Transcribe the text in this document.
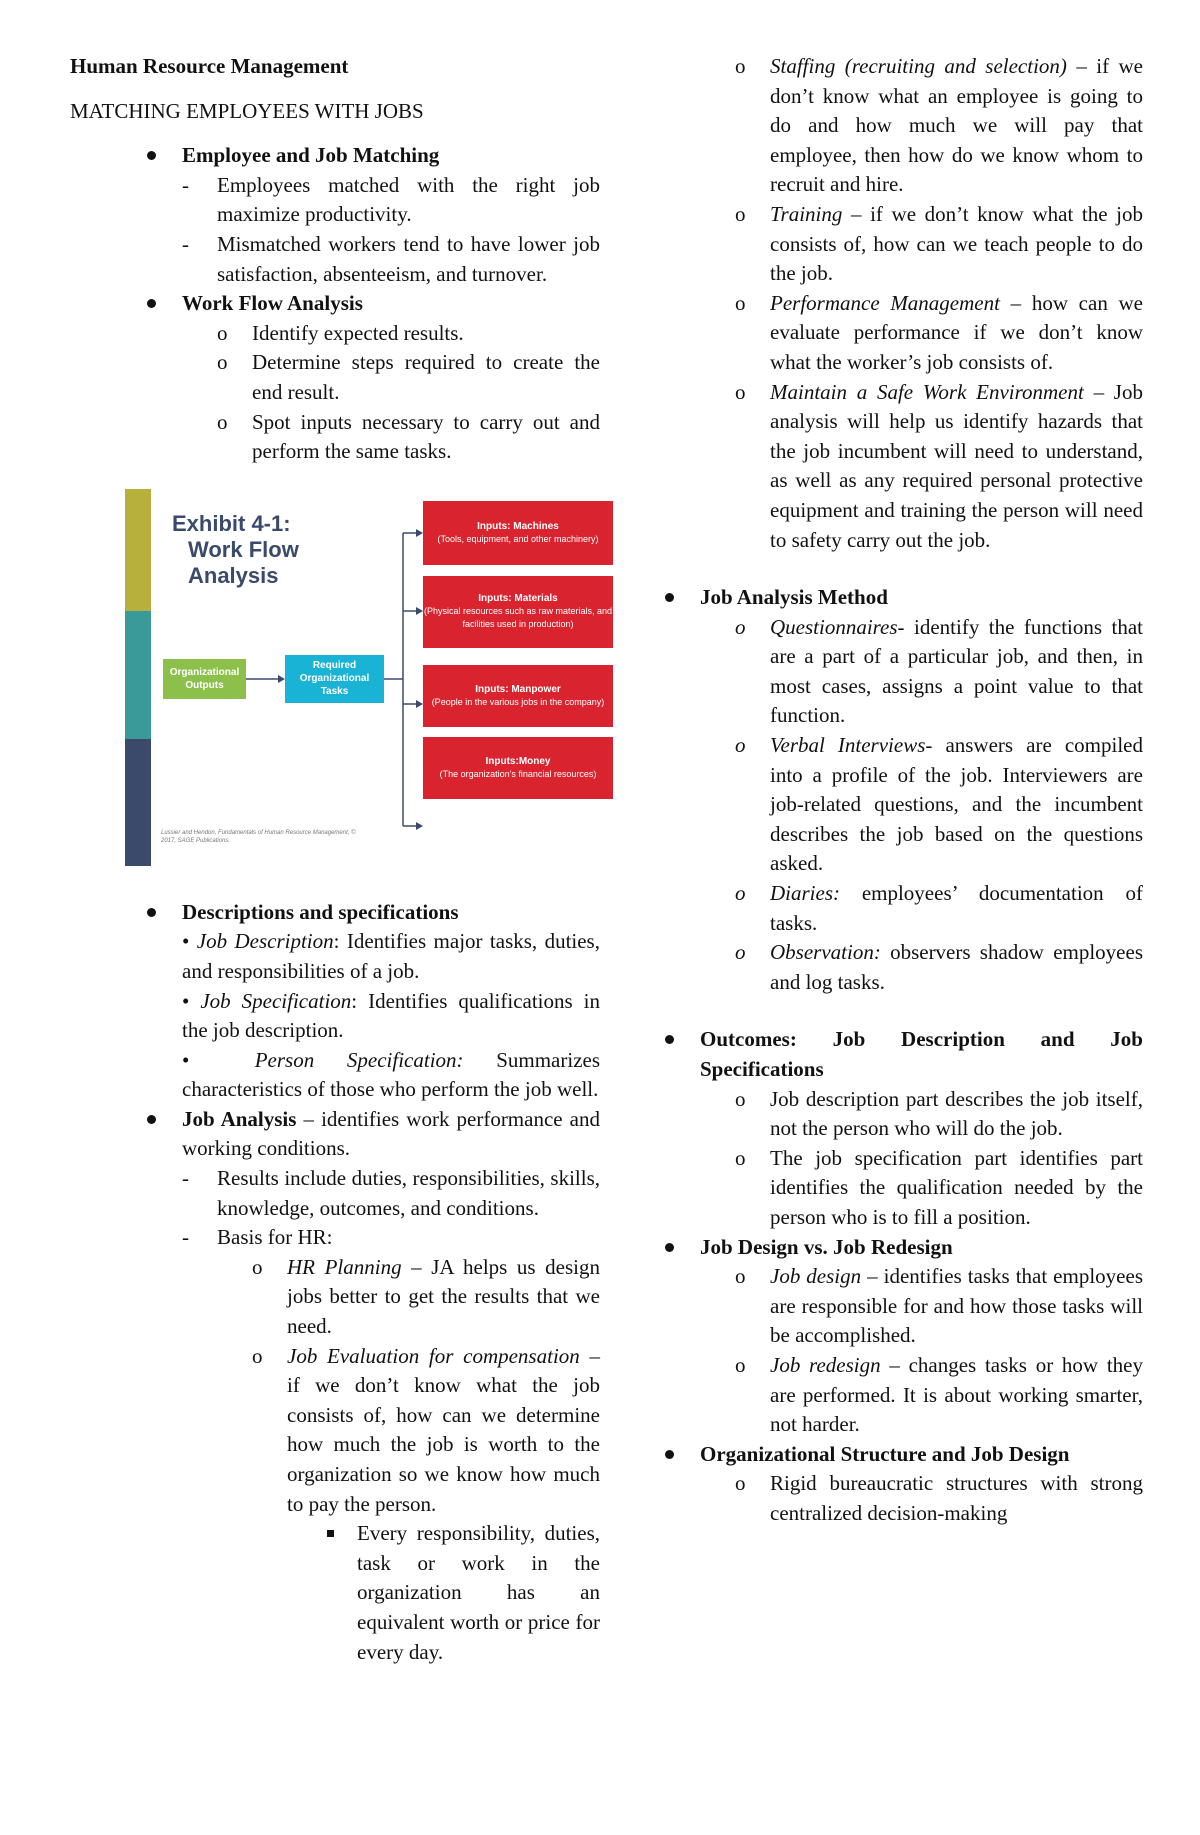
Human Resource Management

MATCHING EMPLOYEES WITH JOBS

Employee and Job Matching

- Employees matched with the right job maximize productivity.

- Mismatched workers tend to have lower job satisfaction, absenteeism, and turnover.

Work Flow Analysis

o Identify expected results.

o Determine steps required to create the end result.

o Spot inputs necessary to carry out and perform the same tasks.

Exhibit 4-1:
Work Flow
Analysis
Organizational Outputs
Required Organizational Tasks
Inputs: Machines
(Tools, equipment, and other machinery)
Inputs: Materials
(Physical resources such as raw materials, and facilities used in production)
Inputs: Manpower
(People in the various jobs in the company)
Inputs:Money
(The organization's financial resources)
Lussier and Hendon, Fundamentals of Human Resource Management, © 2017, SAGE Publications.

Descriptions and specifications

• Job Description: Identifies major tasks, duties, and responsibilities of a job.

• Job Specification: Identifies qualifications in the job description.

•  Person Specification: Summarizes characteristics of those who perform the job well.

Job Analysis – identifies work performance and working conditions.

- Results include duties, responsibilities, skills, knowledge, outcomes, and conditions.

- Basis for HR:

o HR Planning – JA helps us design jobs better to get the results that we need.

o Job Evaluation for compensation – if we don’t know what the job consists of, how can we determine how much the job is worth to the organization so we know how much to pay the person.

Every responsibility, duties, task or work in the organization has an equivalent worth or price for every day.

o Staffing (recruiting and selection) – if we don’t know what an employee is going to do and how much we will pay that employee, then how do we know whom to recruit and hire.

o Training – if we don’t know what the job consists of, how can we teach people to do the job.

o Performance Management – how can we evaluate performance if we don’t know what the worker’s job consists of.

o Maintain a Safe Work Environment – Job analysis will help us identify hazards that the job incumbent will need to understand, as well as any required personal protective equipment and training the person will need to safety carry out the job.

Job Analysis Method

o Questionnaires- identify the functions that are a part of a particular job, and then, in most cases, assigns a point value to that function.

o Verbal Interviews- answers are compiled into a profile of the job. Interviewers are job-related questions, and the incumbent describes the job based on the questions asked.

o Diaries: employees’ documentation of tasks.

o Observation: observers shadow employees and log tasks.

Outcomes: Job Description and Job Specifications

o Job description part describes the job itself, not the person who will do the job.

o The job specification part identifies part identifies the qualification needed by the person who is to fill a position.

Job Design vs. Job Redesign

o Job design – identifies tasks that employees are responsible for and how those tasks will be accomplished.

o Job redesign – changes tasks or how they are performed. It is about working smarter, not harder.

Organizational Structure and Job Design

o Rigid bureaucratic structures with strong centralized decision-making
